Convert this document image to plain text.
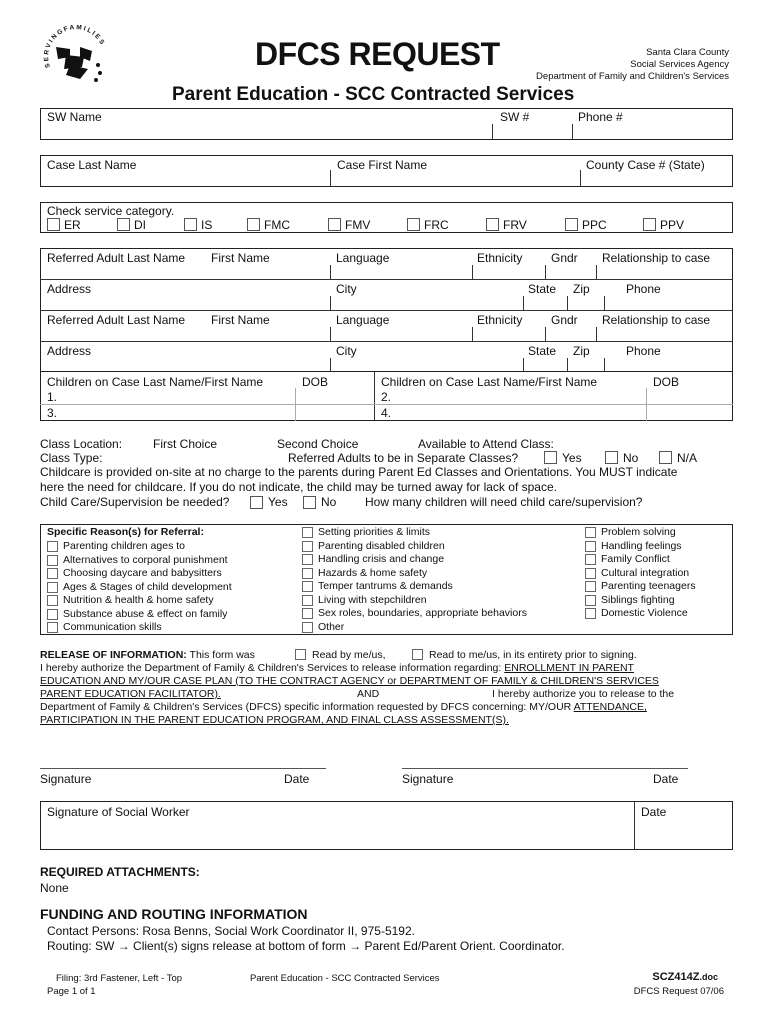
S E R V I N G F A M I L I E S	DFCS REQUEST	Santa Clara County
Social Services Agency
Department of Family and Children's Services
Parent Education - SCC Contracted Services
SW Name	SW #	Phone #
Case Last Name	Case First Name	County Case # (State)
Check service category.
ER	DI	IS	FMC	FMV	FRC	FRV	PPC	PPV
Referred Adult Last Name First Name	Language	Ethnicity Gndr Relationship to case
Address	City	State Zip	Phone
Referred Adult Last Name First Name	Language	Ethnicity Gndr Relationship to case
Address	City	State Zip	Phone
Children on Case Last Name/First Name	DOB	Children on Case Last Name/First Name	DOB
1.	2.
3.	4.
Class Location:	First Choice	Second Choice	Available to Attend Class:
Class Type:	Referred Adults to be in Separate Classes?	Yes	No	N/A
Childcare is provided on-site at no charge to the parents during Parent Ed Classes and Orientations. You MUST indicate
here the need for childcare. If you do not indicate, the child may be turned away for lack of space.
Child Care/Supervision be needed?	Yes	No How many children will need child care/supervision?
Specific Reason(s) for Referral:
Parenting children ages to
Alternatives to corporal punishment
Choosing daycare and babysitters
Ages & Stages of child development
Nutrition & health & home safety
Substance abuse & effect on family
Communication skills
Setting priorities & limits
Parenting disabled children
Handling crisis and change
Hazards & home safety
Temper tantrums & demands
Living with stepchildren
Sex roles, boundaries, appropriate behaviors
Other
Problem solving
Handling feelings
Family Conflict
Cultural integration
Parenting teenagers
Siblings fighting
Domestic Violence
RELEASE OF INFORMATION: This form was	Read by me/us,	Read to me/us, in its entirety prior to signing.
I hereby authorize the Department of Family & Children's Services to release information regarding: ENROLLMENT IN PARENT
EDUCATION AND MY/OUR CASE PLAN (TO THE CONTRACT AGENCY or DEPARTMENT OF FAMILY & CHILDREN'S SERVICES
PARENT EDUCATION FACILITATOR).	AND	I hereby authorize you to release to the
Department of Family & Children's Services (DFCS) specific information requested by DFCS concerning: MY/OUR ATTENDANCE,
PARTICIPATION IN THE PARENT EDUCATION PROGRAM, AND FINAL CLASS ASSESSMENT(S).
Signature	Date	Signature	Date
Signature of Social Worker	Date
REQUIRED ATTACHMENTS:
None
FUNDING AND ROUTING INFORMATION
Contact Persons: Rosa Benns, Social Work Coordinator II, 975-5192.
Routing: SW → Client(s) signs release at bottom of form → Parent Ed/Parent Orient. Coordinator.
Filing: 3rd Fastener, Left - Top
Page 1 of 1
Parent Education - SCC Contracted Services	SCZ414Z.doc
DFCS Request 07/06
